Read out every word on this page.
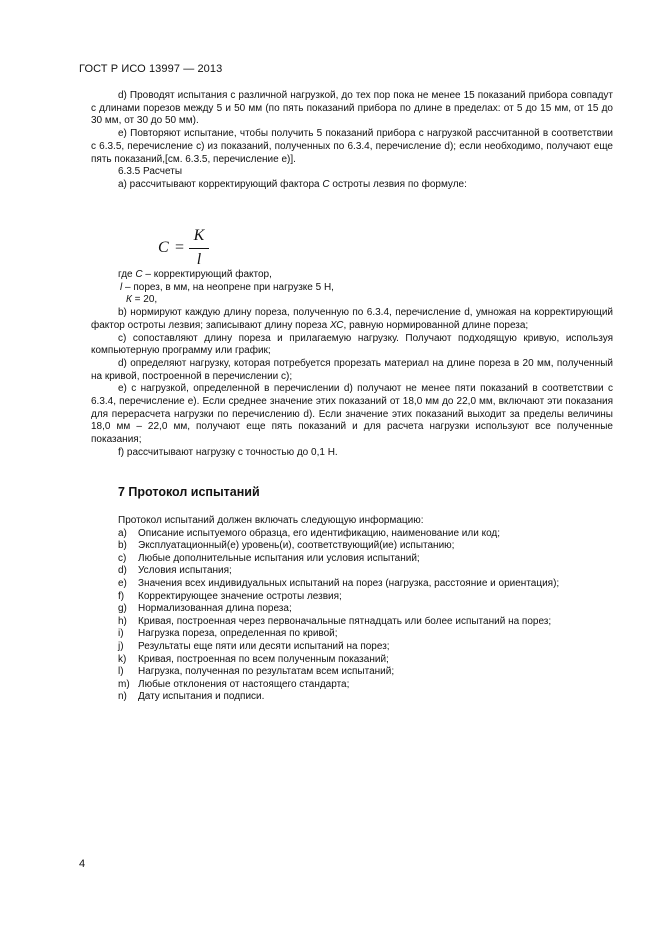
ГОСТ Р ИСО 13997 — 2013

d) Проводят испытания с различной нагрузкой, до тех пор пока не менее 15 показаний прибора совпадут с длинами порезов между 5 и 50 мм (по пять показаний прибора по длине в пределах: от 5 до 15 мм, от 15 до 30 мм, от 30 до 50 мм).

e) Повторяют испытание, чтобы получить 5 показаний прибора с нагрузкой рассчитанной в соответствии с 6.3.5, перечисление с) из показаний, полученных по 6.3.4, перечисление d); если необходимо, получают еще пять показаний,[см. 6.3.5, перечисление е)].

6.3.5 Расчеты

a) рассчитывают корректирующий фактора С остроты лезвия по формуле:

C =
K
l

где С – корректирующий фактор,

l – порез, в мм, на неопрене при нагрузке 5 Н,

К = 20,

b) нормируют каждую длину пореза, полученную по 6.3.4, перечисление d, умножая на корректирующий фактор остроты лезвия; записывают длину пореза ХС, равную нормированной длине пореза;

c) сопоставляют длину пореза и прилагаемую нагрузку. Получают подходящую кривую, используя компьютерную программу или график;

d) определяют нагрузку, которая потребуется прорезать материал на длине пореза в 20 мм, полученный на кривой, построенной в перечислении с);

e) с нагрузкой, определенной в перечислении d) получают не менее пяти показаний в соответствии с 6.3.4, перечисление е). Если среднее значение этих показаний от 18,0 мм до 22,0 мм, включают эти показания для перерасчета нагрузки по перечислению d). Если значение этих показаний выходит за пределы величины 18,0 мм – 22,0 мм, получают еще пять показаний и для расчета нагрузки используют все полученные показания;

f) рассчитывают нагрузку с точностью до 0,1 Н.

7 Протокол испытаний

Протокол испытаний должен включать следующую информацию:

a)	Описание испытуемого образца, его идентификацию, наименование или код;
b)	Эксплуатационный(е) уровень(и), соответствующий(ие) испытанию;
c)	Любые дополнительные испытания или условия испытаний;
d)	Условия испытания;
e)	Значения всех индивидуальных испытаний на порез (нагрузка, расстояние и ориентация);
f)	Корректирующее значение остроты лезвия;
g)	Нормализованная длина пореза;
h)	Кривая, построенная через первоначальные пятнадцать или более испытаний на порез;
i)	Нагрузка пореза, определенная по кривой;
j)	Результаты еще пяти или десяти испытаний на порез;
k)	Кривая, построенная по всем полученным показаний;
l)	Нагрузка, полученная по результатам всем испытаний;
m) Любые отклонения от настоящего стандарта;
n)	Дату испытания и подписи.
4
